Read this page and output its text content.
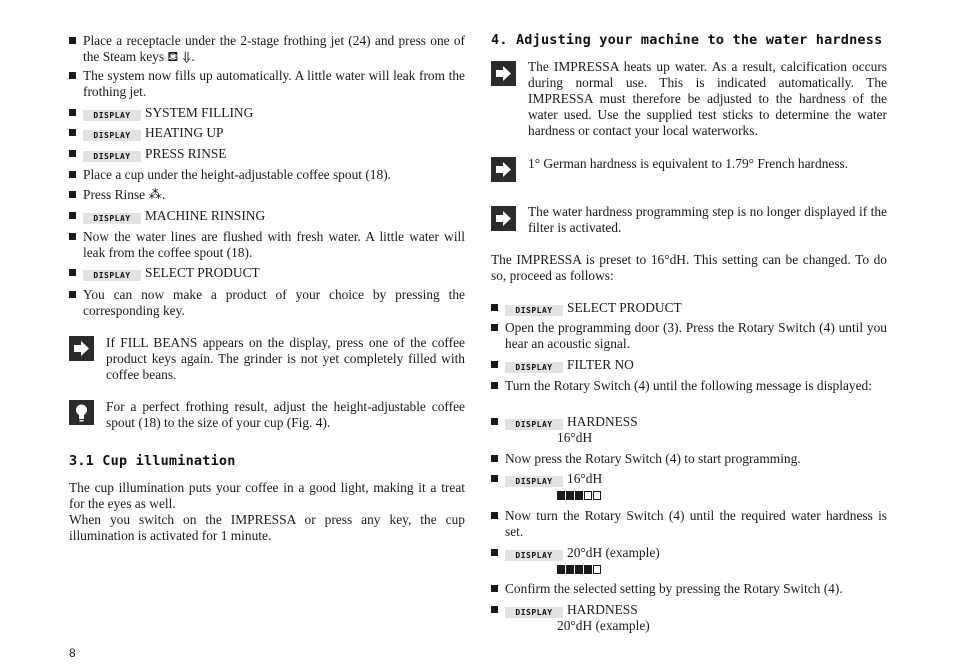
Place a receptacle under the 2-stage frothing jet (24) and press one of the Steam keys ⛾ ⇓.
The system now fills up automatically. A little water will leak from the frothing jet.
DISPLAY SYSTEM FILLING
DISPLAY HEATING UP
DISPLAY PRESS RINSE
Place a cup under the height-adjustable coffee spout (18).
Press Rinse ⁂.
DISPLAY MACHINE RINSING
Now the water lines are flushed with fresh water. A little water will leak from the coffee spout (18).
DISPLAY SELECT PRODUCT
You can now make a product of your choice by pressing the corresponding key.
If FILL BEANS appears on the display, press one of the coffee product keys again. The grinder is not yet completely filled with coffee beans.
For a perfect frothing result, adjust the height-adjustable coffee spout (18) to the size of your cup (Fig. 4).
3.1 Cup illumination
The cup illumination puts your coffee in a good light, making it a treat for the eyes as well.
When you switch on the IMPRESSA or press any key, the cup illumination is activated for 1 minute.
4. Adjusting your machine to the water hardness
The IMPRESSA heats up water. As a result, calcification occurs during normal use. This is indicated automatically. The IMPRESSA must therefore be adjusted to the hardness of the water used. Use the supplied test sticks to determine the water hardness or contact your local waterworks.
1° German hardness is equivalent to 1.79° French hardness.
The water hardness programming step is no longer displayed if the filter is activated.
The IMPRESSA is preset to 16°dH. This setting can be changed. To do so, proceed as follows:
DISPLAY SELECT PRODUCT
Open the programming door (3). Press the Rotary Switch (4) until you hear an acoustic signal.
DISPLAY FILTER NO
Turn the Rotary Switch (4) until the following message is displayed:
DISPLAY HARDNESS
16°dH
Now press the Rotary Switch (4) to start programming.
DISPLAY 16°dH
Now turn the Rotary Switch (4) until the required water hardness is set.
DISPLAY 20°dH (example)
Confirm the selected setting by pressing the Rotary Switch (4).
DISPLAY HARDNESS
20°dH (example)
8
